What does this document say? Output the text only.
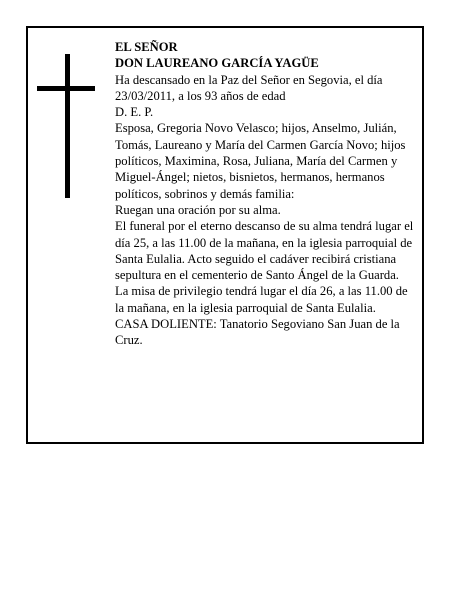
EL SEÑOR

DON LAUREANO GARCÍA YAGÜE

Ha descansado en la Paz del Señor en Segovia, el día 23/03/2011, a los 93 años de edad

D. E. P.

Esposa, Gregoria Novo Velasco; hijos, Anselmo, Julián, Tomás, Laureano y María del Carmen García Novo; hijos políticos, Maximina, Rosa, Juliana, María del Carmen y Miguel-Ángel; nietos, bisnietos, hermanos, hermanos políticos, sobrinos y demás familia:

Ruegan una oración por su alma.

El funeral por el eterno descanso de su alma tendrá lugar el día 25, a las 11.00 de la mañana, en la iglesia parroquial de Santa Eulalia. Acto seguido el cadáver recibirá cristiana sepultura en el cementerio de Santo Ángel de la Guarda.

La misa de privilegio tendrá lugar el día 26, a las 11.00 de la mañana, en la iglesia parroquial de Santa Eulalia.

CASA DOLIENTE: Tanatorio Segoviano San Juan de la Cruz.
